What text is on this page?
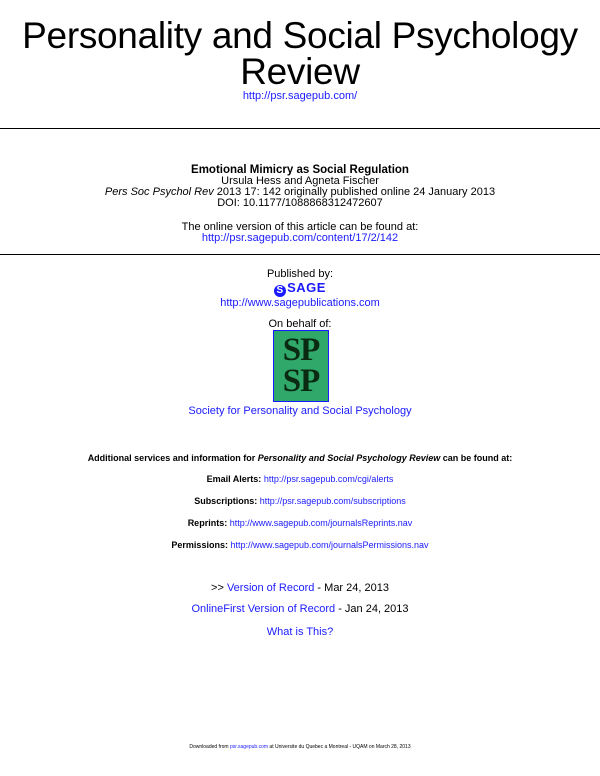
Personality and Social Psychology
Review
http://psr.sagepub.com/
Emotional Mimicry as Social Regulation
Ursula Hess and Agneta Fischer
Pers Soc Psychol Rev 2013 17: 142 originally published online 24 January 2013
DOI: 10.1177/1088868312472607
The online version of this article can be found at:
http://psr.sagepub.com/content/17/2/142
Published by:
S SAGE
http://www.sagepublications.com
On behalf of:
SP
SP
Society for Personality and Social Psychology
Additional services and information for Personality and Social Psychology Review can be found at:
Email Alerts: http://psr.sagepub.com/cgi/alerts
Subscriptions: http://psr.sagepub.com/subscriptions
Reprints: http://www.sagepub.com/journalsReprints.nav
Permissions: http://www.sagepub.com/journalsPermissions.nav
>> Version of Record - Mar 24, 2013
OnlineFirst Version of Record - Jan 24, 2013
What is This?
Downloaded from psr.sagepub.com at Universite du Quebec a Montreal - UQAM on March 28, 2013
